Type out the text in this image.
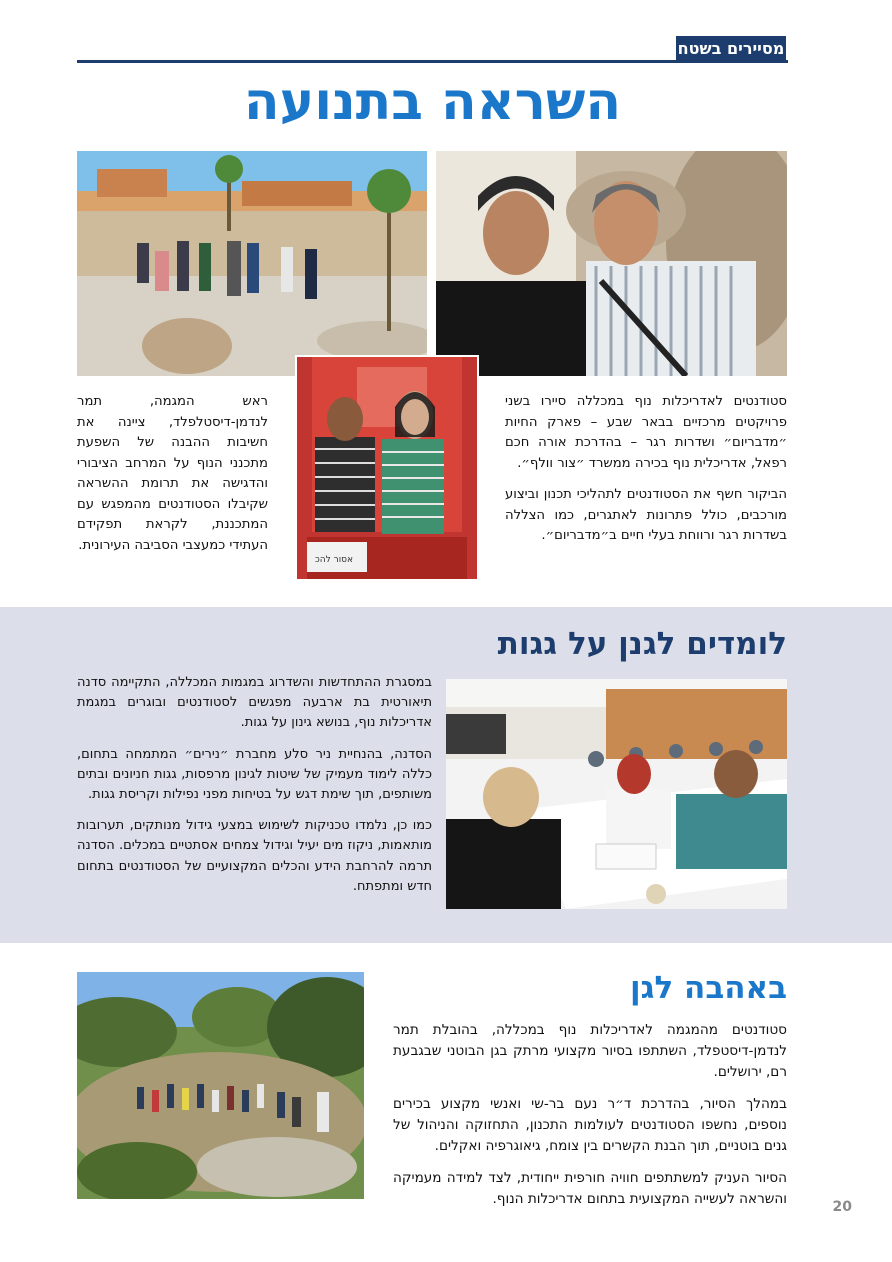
מסיירים בשטח
השראה בתנועה
אסור להכ

סטודנטים לאדריכלות נוף במכללה סיירו בשני פרויקטים מרכזיים בבאר שבע – פארק החיות ״מדבריום״ ושדרות רגר – בהדרכת אורה חכם רפאל, אדריכלית נוף בכירה ממשרד ״צור וולף״.

הביקור חשף את הסטודנטים לתהליכי תכנון וביצוע מורכבים, כולל פתרונות לאתגרים, כמו הצללה בשדרות רגר ורווחת בעלי חיים ב״מדבריום״.

ראש המגמה, תמר לנדמן-דיסטלפלד, ציינה את חשיבות ההבנה של השפעת מתכנני הנוף על המרחב הציבורי והדגישה את תרומת ההשראה שקיבלו הסטודנטים מהמפגש עם המתכננת, לקראת תפקידם העתידי כמעצבי הסביבה העירונית.

לומדים לגנן על גגות

במסגרת ההתחדשות והשדרוג במגמות המכללה, התקיימה סדנה תיאורטית בת ארבעה מפגשים לסטודנטים ובוגרים במגמת אדריכלות נוף, בנושא גינון על גגות.

הסדנה, בהנחיית ניר סלע מחברת ״נירים״ המתמחה בתחום, כללה לימוד מעמיק של שיטות לגינון מרפסות, גגות חניונים ובתים משותפים, תוך שימת דגש על בטיחות מפני נפילות וקריסת גגות.

כמו כן, נלמדו טכניקות לשימוש במצעי גידול מנותקים, תערובות מותאמות, ניקוז מים יעיל וגידול צמחים אסתטיים במכלים. הסדנה תרמה להרחבת הידע והכלים המקצועיים של הסטודנטים בתחום חדש ומתפתח.

באהבה לגן

סטודנטים מהמגמה לאדריכלות נוף במכללה, בהובלת תמר לנדמן-דיסטפלד, השתתפו בסיור מקצועי מרתק בגן הבוטני שבגבעת רם, ירושלים.

במהלך הסיור, בהדרכת ד״ר נעם בר-שי ואנשי מקצוע בכירים נוספים, נחשפו הסטודנטים לעולמות התכנון, התחזוקה והניהול של גנים בוטניים, תוך הבנת הקשרים בין צומח, גיאוגרפיה ואקלים.

הסיור העניק למשתתפים חוויה חורפית ייחודית, לצד למידה מעמיקה והשראה לעשייה המקצועית בתחום אדריכלות הנוף.	20
